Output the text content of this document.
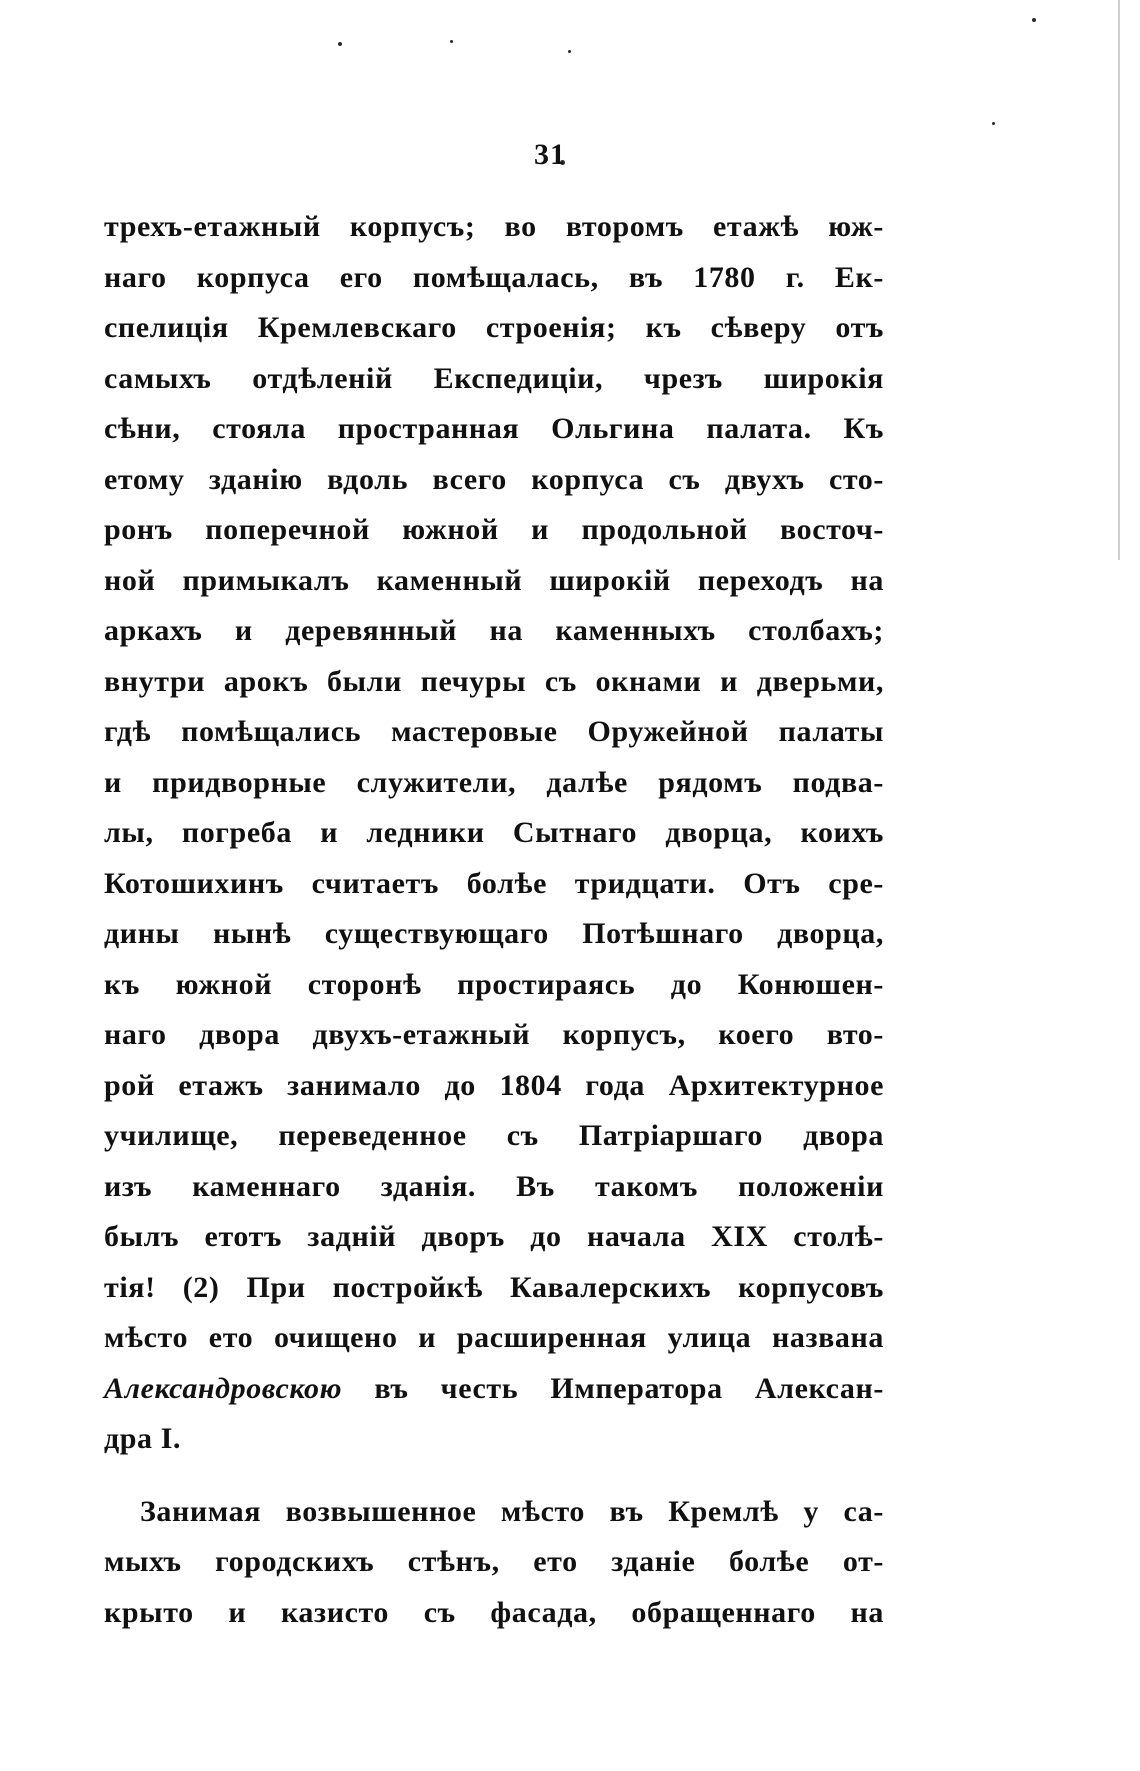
31
трехъ-етажный корпусъ; во второмъ етажѣ юж-
наго корпуса его помѣщалась, въ 1780 г. Ек-
спелиція Кремлевскаго строенія; къ сѣверу отъ
самыхъ отдѣленій Експедиціи, чрезъ широкія
сѣни, стояла пространная Ольгина палата. Къ
етому зданію вдоль всего корпуса съ двухъ сто-
ронъ поперечной южной и продольной восточ-
ной примыкалъ каменный широкій переходъ на
аркахъ и деревянный на каменныхъ столбахъ;
внутри арокъ были печуры съ окнами и дверьми,
гдѣ помѣщались мастеровые Оружейной палаты
и придворные служители, далѣе рядомъ подва-
лы, погреба и ледники Сытнаго дворца, коихъ
Котошихинъ считаетъ болѣе тридцати. Отъ сре-
дины нынѣ существующаго Потѣшнаго дворца,
къ южной сторонѣ простираясь до Конюшен-
наго двора двухъ-етажный корпусъ, коего вто-
рой етажъ занимало до 1804 года Архитектурное
училище, переведенное съ Патріаршаго двора
изъ каменнаго зданія. Въ такомъ положеніи
былъ етотъ заднiй дворъ до начала XIX столѣ-
тія! (2) При постройкѣ Кавалерскихъ корпусовъ
мѣсто ето очищено и расширенная улица названа
Александровскою въ честь Императора Алексан-
дра I.
Занимая возвышенное мѣсто въ Кремлѣ у са-
мыхъ городскихъ стѣнъ, ето зданіе болѣе от-
крыто и казисто съ фасада, обращеннаго на
